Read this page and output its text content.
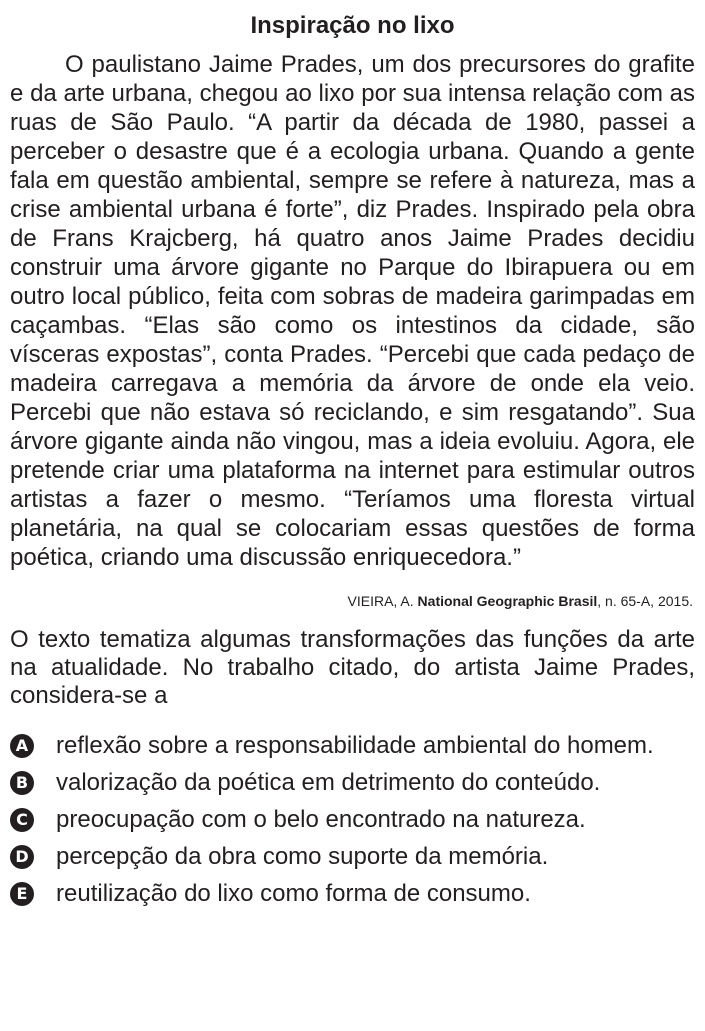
Inspiração no lixo

O paulistano Jaime Prades, um dos precursores do grafite e da arte urbana, chegou ao lixo por sua intensa relação com as ruas de São Paulo. “A partir da década de 1980, passei a perceber o desastre que é a ecologia urbana. Quando a gente fala em questão ambiental, sempre se refere à natureza, mas a crise ambiental urbana é forte”, diz Prades. Inspirado pela obra de Frans Krajcberg, há quatro anos Jaime Prades decidiu construir uma árvore gigante no Parque do Ibirapuera ou em outro local público, feita com sobras de madeira garimpadas em caçambas. “Elas são como os intestinos da cidade, são vísceras expostas”, conta Prades. “Percebi que cada pedaço de madeira carregava a memória da árvore de onde ela veio. Percebi que não estava só reciclando, e sim resgatando”. Sua árvore gigante ainda não vingou, mas a ideia evoluiu. Agora, ele pretende criar uma plataforma na internet para estimular outros artistas a fazer o mesmo. “Teríamos uma floresta virtual planetária, na qual se colocariam essas questões de forma poética, criando uma discussão enriquecedora.”

VIEIRA, A. National Geographic Brasil, n. 65-A, 2015.

O texto tematiza algumas transformações das funções da arte na atualidade. No trabalho citado, do artista Jaime Prades, considera-se a

A reflexão sobre a responsabilidade ambiental do homem.
B valorização da poética em detrimento do conteúdo.
C preocupação com o belo encontrado na natureza.
D percepção da obra como suporte da memória.
E reutilização do lixo como forma de consumo.
